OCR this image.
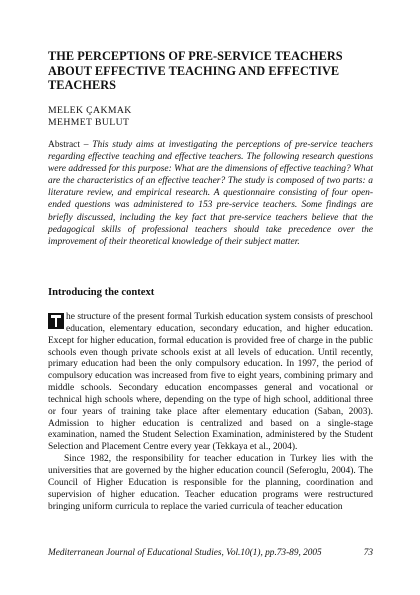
THE PERCEPTIONS OF PRE-SERVICE TEACHERS
ABOUT EFFECTIVE TEACHING AND EFFECTIVE
TEACHERS
MELEK ÇAKMAK
MEHMET BULUT
Abstract – This study aims at investigating the perceptions of pre-service teachers regarding effective teaching and effective teachers. The following research questions were addressed for this purpose: What are the dimensions of effective teaching? What are the characteristics of an effective teacher? The study is composed of two parts: a literature review, and empirical research. A questionnaire consisting of four open-ended questions was administered to 153 pre-service teachers. Some findings are briefly discussed, including the key fact that pre-service teachers believe that the pedagogical skills of professional teachers should take precedence over the improvement of their theoretical knowledge of their subject matter.
Introducing the context

he structure of the present formal Turkish education system consists of preschool education, elementary education, secondary education, and higher education. Except for higher education, formal education is provided free of charge in the public schools even though private schools exist at all levels of education. Until recently, primary education had been the only compulsory education. In 1997, the period of compulsory education was increased from five to eight years, combining primary and middle schools. Secondary education encompasses general and vocational or technical high schools where, depending on the type of high school, additional three or four years of training take place after elementary education (Saban, 2003). Admission to higher education is centralized and based on a single-stage examination, named the Student Selection Examination, administered by the Student Selection and Placement Centre every year (Tekkaya et al., 2004).

Since 1982, the responsibility for teacher education in Turkey lies with the universities that are governed by the higher education council (Seferoglu, 2004). The Council of Higher Education is responsible for the planning, coordination and supervision of higher education. Teacher education programs were restructured bringing uniform curricula to replace the varied curricula of teacher education

Mediterranean Journal of Educational Studies, Vol.10(1), pp.73-89, 2005	73
